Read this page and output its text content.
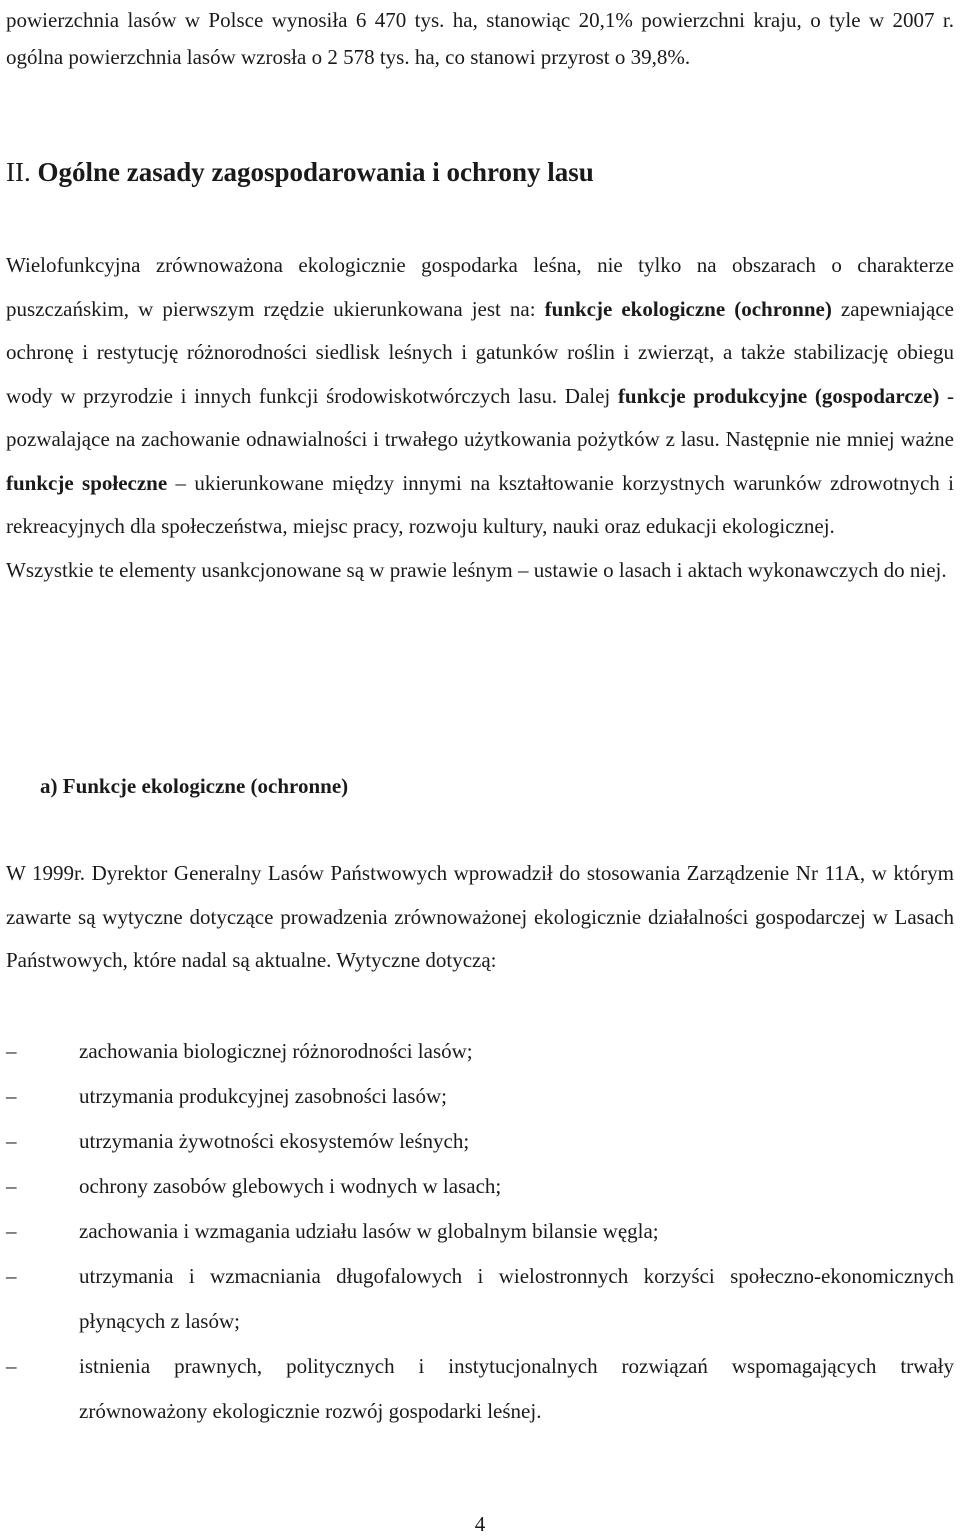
powierzchnia lasów w Polsce wynosiła 6 470 tys. ha, stanowiąc 20,1% powierzchni kraju, o tyle w 2007 r. ogólna powierzchnia lasów wzrosła o 2 578 tys. ha, co stanowi przyrost o 39,8%.

II. Ogólne zasady zagospodarowania i ochrony lasu

Wielofunkcyjna zrównoważona ekologicznie gospodarka leśna, nie tylko na obszarach o charakterze puszczańskim, w pierwszym rzędzie ukierunkowana jest na: funkcje ekologiczne (ochronne) zapewniające ochronę i restytucję różnorodności siedlisk leśnych i gatunków roślin i zwierząt, a także stabilizację obiegu wody w przyrodzie i innych funkcji środowiskotwórczych lasu. Dalej funkcje produkcyjne (gospodarcze) - pozwalające na zachowanie odnawialności i trwałego użytkowania pożytków z lasu. Następnie nie mniej ważne funkcje społeczne – ukierunkowane między innymi na kształtowanie korzystnych warunków zdrowotnych i rekreacyjnych dla społeczeństwa, miejsc pracy, rozwoju kultury, nauki oraz edukacji ekologicznej.

Wszystkie te elementy usankcjonowane są w prawie leśnym – ustawie o lasach i aktach wykonawczych do niej.

a) Funkcje ekologiczne (ochronne)

W 1999r. Dyrektor Generalny Lasów Państwowych wprowadził do stosowania Zarządzenie Nr 11A, w którym zawarte są wytyczne dotyczące prowadzenia zrównoważonej ekologicznie działalności gospodarczej w Lasach Państwowych, które nadal są aktualne. Wytyczne dotyczą:

–	zachowania biologicznej różnorodności lasów;
–	utrzymania produkcyjnej zasobności lasów;
–	utrzymania żywotności ekosystemów leśnych;
–	ochrony zasobów glebowych i wodnych w lasach;
–	zachowania i wzmagania udziału lasów w globalnym bilansie węgla;
–	utrzymania i wzmacniania długofalowych i wielostronnych korzyści społeczno-ekonomicznych płynących z lasów;
–	istnienia prawnych, politycznych i instytucjonalnych rozwiązań wspomagających trwały zrównoważony ekologicznie rozwój gospodarki leśnej.
4
